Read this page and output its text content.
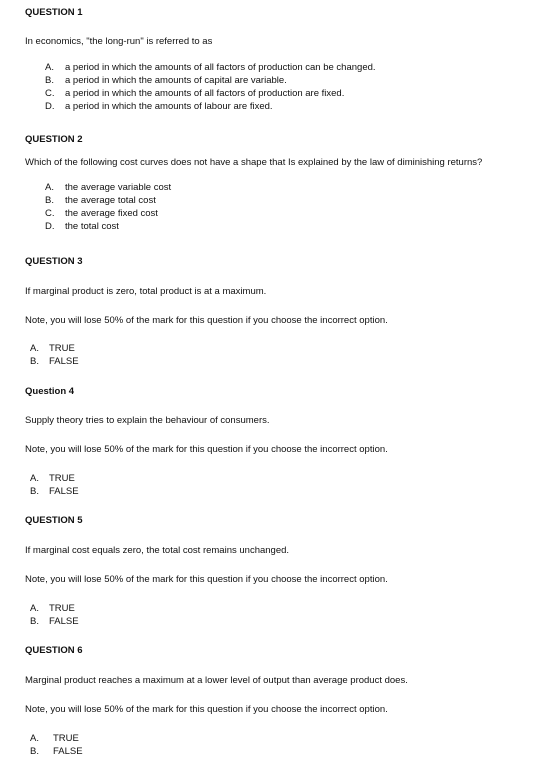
QUESTION 1

In economics, "the long-run" is referred to as

A.	a period in which the amounts of all factors of production can be changed.
B.	a period in which the amounts of capital are variable.
C.	a period in which the amounts of all factors of production are fixed.
D.	a period in which the amounts of labour are fixed.

QUESTION 2

Which of the following cost curves does not have a shape that Is explained by the law of diminishing returns?

A.	the average variable cost
B.	the average total cost
C.	the average fixed cost
D.	the total cost

QUESTION 3

If marginal product is zero, total product is at a maximum.

Note, you will lose 50% of the mark for this question if you choose the incorrect option.

A.	TRUE
B.	FALSE

Question 4

Supply theory tries to explain the behaviour of consumers.

Note, you will lose 50% of the mark for this question if you choose the incorrect option.

A.	TRUE
B.	FALSE

QUESTION 5

If marginal cost equals zero, the total cost remains unchanged.

Note, you will lose 50% of the mark for this question if you choose the incorrect option.

A.	TRUE
B.	FALSE

QUESTION 6

Marginal product reaches a maximum at a lower level of output than average product does.

Note, you will lose 50% of the mark for this question if you choose the incorrect option.

A.	TRUE
B.	FALSE
